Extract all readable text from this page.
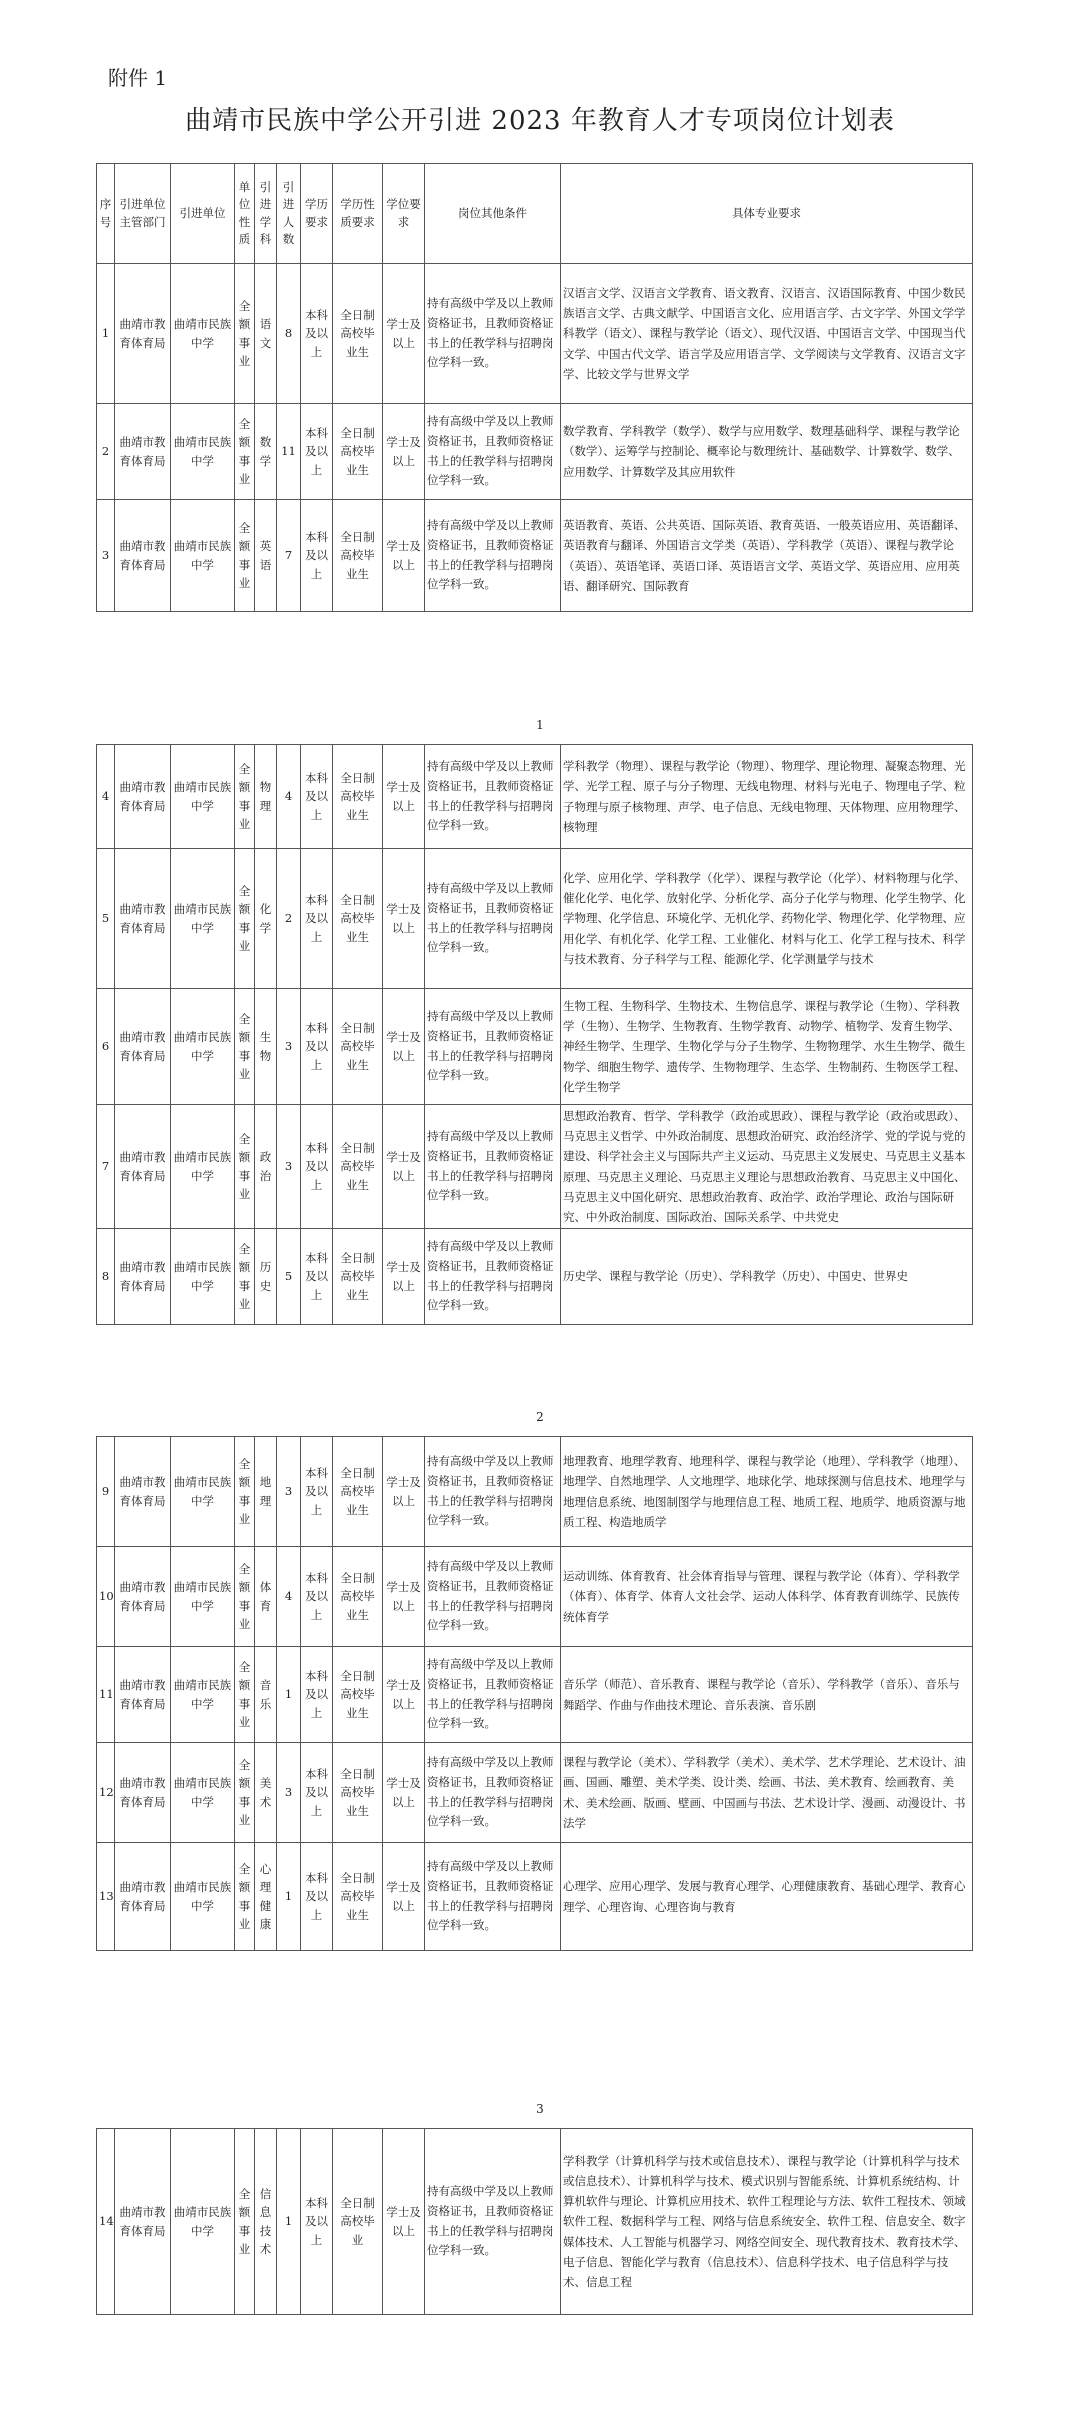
附件 1
曲靖市民族中学公开引进 2023 年教育人才专项岗位计划表
序号	引进单位主管部门	引进单位	单位性质	引进学科	引进人数	学历要求	学历性质要求	学位要求	岗位其他条件	具体专业要求
1	曲靖市教育体育局	曲靖市民族中学	全额事业	语文	8	本科及以上	全日制高校毕业生	学士及以上	持有高级中学及以上教师资格证书，且教师资格证书上的任教学科与招聘岗位学科一致。	汉语言文学、汉语言文学教育、语文教育、汉语言、汉语国际教育、中国少数民族语言文学、古典文献学、中国语言文化、应用语言学、古文字学、外国文学学科教学（语文）、课程与教学论（语文）、现代汉语、中国语言文学、中国现当代文学、中国古代文学、语言学及应用语言学、文学阅读与文学教育、汉语言文字学、比较文学与世界文学
2	曲靖市教育体育局	曲靖市民族中学	全额事业	数学	11	本科及以上	全日制高校毕业生	学士及以上	持有高级中学及以上教师资格证书，且教师资格证书上的任教学科与招聘岗位学科一致。	数学教育、学科教学（数学）、数学与应用数学、数理基础科学、课程与教学论（数学）、运筹学与控制论、概率论与数理统计、基础数学、计算数学、数学、应用数学、计算数学及其应用软件
3	曲靖市教育体育局	曲靖市民族中学	全额事业	英语	7	本科及以上	全日制高校毕业生	学士及以上	持有高级中学及以上教师资格证书，且教师资格证书上的任教学科与招聘岗位学科一致。	英语教育、英语、公共英语、国际英语、教育英语、一般英语应用、英语翻译、英语教育与翻译、外国语言文学类（英语）、学科教学（英语）、课程与教学论（英语）、英语笔译、英语口译、英语语言文学、英语文学、英语应用、应用英语、翻译研究、国际教育
1
4	曲靖市教育体育局	曲靖市民族中学	全额事业	物理	4	本科及以上	全日制高校毕业生	学士及以上	持有高级中学及以上教师资格证书，且教师资格证书上的任教学科与招聘岗位学科一致。	学科教学（物理）、课程与教学论（物理）、物理学、理论物理、凝聚态物理、光学、光学工程、原子与分子物理、无线电物理、材料与光电子、物理电子学、粒子物理与原子核物理、声学、电子信息、无线电物理、天体物理、应用物理学、核物理
5	曲靖市教育体育局	曲靖市民族中学	全额事业	化学	2	本科及以上	全日制高校毕业生	学士及以上	持有高级中学及以上教师资格证书，且教师资格证书上的任教学科与招聘岗位学科一致。	化学、应用化学、学科教学（化学）、课程与教学论（化学）、材料物理与化学、催化化学、电化学、放射化学、分析化学、高分子化学与物理、化学生物学、化学物理、化学信息、环境化学、无机化学、药物化学、物理化学、化学物理、应用化学、有机化学、化学工程、工业催化、材料与化工、化学工程与技术、科学与技术教育、分子科学与工程、能源化学、化学测量学与技术
6	曲靖市教育体育局	曲靖市民族中学	全额事业	生物	3	本科及以上	全日制高校毕业生	学士及以上	持有高级中学及以上教师资格证书，且教师资格证书上的任教学科与招聘岗位学科一致。	生物工程、生物科学、生物技术、生物信息学、课程与教学论（生物）、学科教学（生物）、生物学、生物教育、生物学教育、动物学、植物学、发育生物学、神经生物学、生理学、生物化学与分子生物学、生物物理学、水生生物学、微生物学、细胞生物学、遗传学、生物物理学、生态学、生物制药、生物医学工程、化学生物学
7	曲靖市教育体育局	曲靖市民族中学	全额事业	政治	3	本科及以上	全日制高校毕业生	学士及以上	持有高级中学及以上教师资格证书，且教师资格证书上的任教学科与招聘岗位学科一致。	思想政治教育、哲学、学科教学（政治或思政）、课程与教学论（政治或思政）、马克思主义哲学、中外政治制度、思想政治研究、政治经济学、党的学说与党的建设、科学社会主义与国际共产主义运动、马克思主义发展史、马克思主义基本原理、马克思主义理论、马克思主义理论与思想政治教育、马克思主义中国化、马克思主义中国化研究、思想政治教育、政治学、政治学理论、政治与国际研究、中外政治制度、国际政治、国际关系学、中共党史
8	曲靖市教育体育局	曲靖市民族中学	全额事业	历史	5	本科及以上	全日制高校毕业生	学士及以上	持有高级中学及以上教师资格证书，且教师资格证书上的任教学科与招聘岗位学科一致。	历史学、课程与教学论（历史）、学科教学（历史）、中国史、世界史
2
9	曲靖市教育体育局	曲靖市民族中学	全额事业	地理	3	本科及以上	全日制高校毕业生	学士及以上	持有高级中学及以上教师资格证书，且教师资格证书上的任教学科与招聘岗位学科一致。	地理教育、地理学教育、地理科学、课程与教学论（地理）、学科教学（地理）、地理学、自然地理学、人文地理学、地球化学、地球探测与信息技术、地理学与地理信息系统、地图制图学与地理信息工程、地质工程、地质学、地质资源与地质工程、构造地质学
10	曲靖市教育体育局	曲靖市民族中学	全额事业	体育	4	本科及以上	全日制高校毕业生	学士及以上	持有高级中学及以上教师资格证书，且教师资格证书上的任教学科与招聘岗位学科一致。	运动训练、体育教育、社会体育指导与管理、课程与教学论（体育）、学科教学（体育）、体育学、体育人文社会学、运动人体科学、体育教育训练学、民族传统体育学
11	曲靖市教育体育局	曲靖市民族中学	全额事业	音乐	1	本科及以上	全日制高校毕业生	学士及以上	持有高级中学及以上教师资格证书，且教师资格证书上的任教学科与招聘岗位学科一致。	音乐学（师范）、音乐教育、课程与教学论（音乐）、学科教学（音乐）、音乐与舞蹈学、作曲与作曲技术理论、音乐表演、音乐剧
12	曲靖市教育体育局	曲靖市民族中学	全额事业	美术	3	本科及以上	全日制高校毕业生	学士及以上	持有高级中学及以上教师资格证书，且教师资格证书上的任教学科与招聘岗位学科一致。	课程与教学论（美术）、学科教学（美术）、美术学、艺术学理论、艺术设计、油画、国画、雕塑、美术学类、设计类、绘画、书法、美术教育、绘画教育、美术、美术绘画、版画、壁画、中国画与书法、艺术设计学、漫画、动漫设计、书法学
13	曲靖市教育体育局	曲靖市民族中学	全额事业	心理健康	1	本科及以上	全日制高校毕业生	学士及以上	持有高级中学及以上教师资格证书，且教师资格证书上的任教学科与招聘岗位学科一致。	心理学、应用心理学、发展与教育心理学、心理健康教育、基础心理学、教育心理学、心理咨询、心理咨询与教育
3
14	曲靖市教育体育局	曲靖市民族中学	全额事业	信息技术	1	本科及以上	全日制高校毕业	学士及以上	持有高级中学及以上教师资格证书，且教师资格证书上的任教学科与招聘岗位学科一致。	学科教学（计算机科学与技术或信息技术）、课程与教学论（计算机科学与技术或信息技术）、计算机科学与技术、模式识别与智能系统、计算机系统结构、计算机软件与理论、计算机应用技术、软件工程理论与方法、软件工程技术、领域软件工程、数据科学与工程、网络与信息系统安全、软件工程、信息安全、数字媒体技术、人工智能与机器学习、网络空间安全、现代教育技术、教育技术学、电子信息、智能化学与教育（信息技术）、信息科学技术、电子信息科学与技术、信息工程
